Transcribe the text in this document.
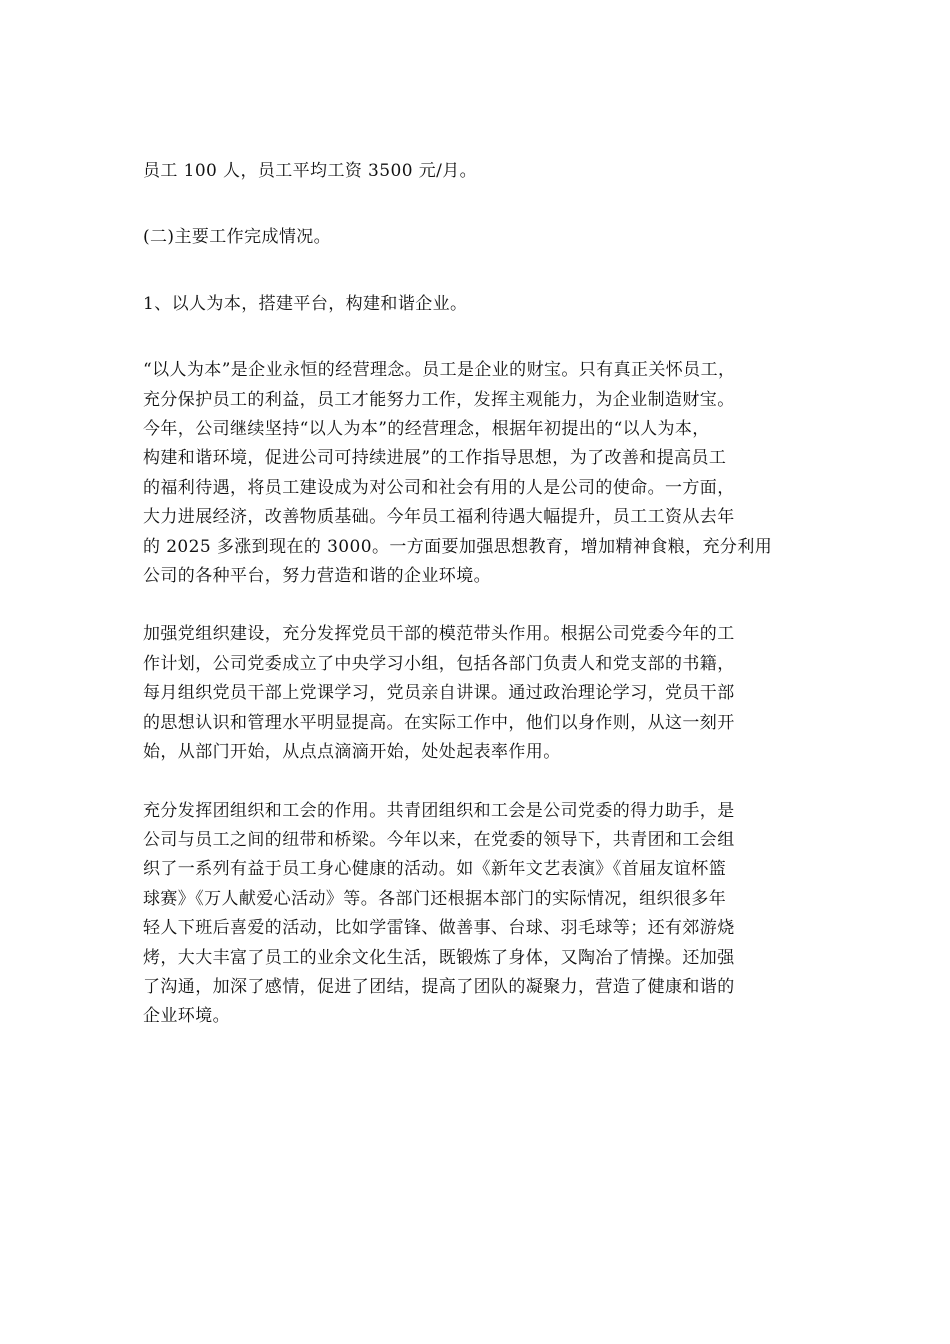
员工 100 人，员工平均工资 3500 元/月。
(二)主要工作完成情况。
1、以人为本，搭建平台，构建和谐企业。
“以人为本”是企业永恒的经营理念。员工是企业的财宝。只有真正关怀员工，
充分保护员工的利益，员工才能努力工作，发挥主观能力，为企业制造财宝。
今年，公司继续坚持“以人为本”的经营理念，根据年初提出的“以人为本，
构建和谐环境，促进公司可持续进展”的工作指导思想，为了改善和提高员工
的福利待遇，将员工建设成为对公司和社会有用的人是公司的使命。一方面，
大力进展经济，改善物质基础。今年员工福利待遇大幅提升，员工工资从去年
的 2025 多涨到现在的 3000。一方面要加强思想教育，增加精神食粮，充分利用
公司的各种平台，努力营造和谐的企业环境。
加强党组织建设，充分发挥党员干部的模范带头作用。根据公司党委今年的工
作计划，公司党委成立了中央学习小组，包括各部门负责人和党支部的书籍，
每月组织党员干部上党课学习，党员亲自讲课。通过政治理论学习，党员干部
的思想认识和管理水平明显提高。在实际工作中，他们以身作则，从这一刻开
始，从部门开始，从点点滴滴开始，处处起表率作用。
充分发挥团组织和工会的作用。共青团组织和工会是公司党委的得力助手，是
公司与员工之间的纽带和桥梁。今年以来，在党委的领导下，共青团和工会组
织了一系列有益于员工身心健康的活动。如《新年文艺表演》《首届友谊杯篮
球赛》《万人献爱心活动》等。各部门还根据本部门的实际情况，组织很多年
轻人下班后喜爱的活动，比如学雷锋、做善事、台球、羽毛球等；还有郊游烧
烤，大大丰富了员工的业余文化生活，既锻炼了身体，又陶冶了情操。还加强
了沟通，加深了感情，促进了团结，提高了团队的凝聚力，营造了健康和谐的
企业环境。
